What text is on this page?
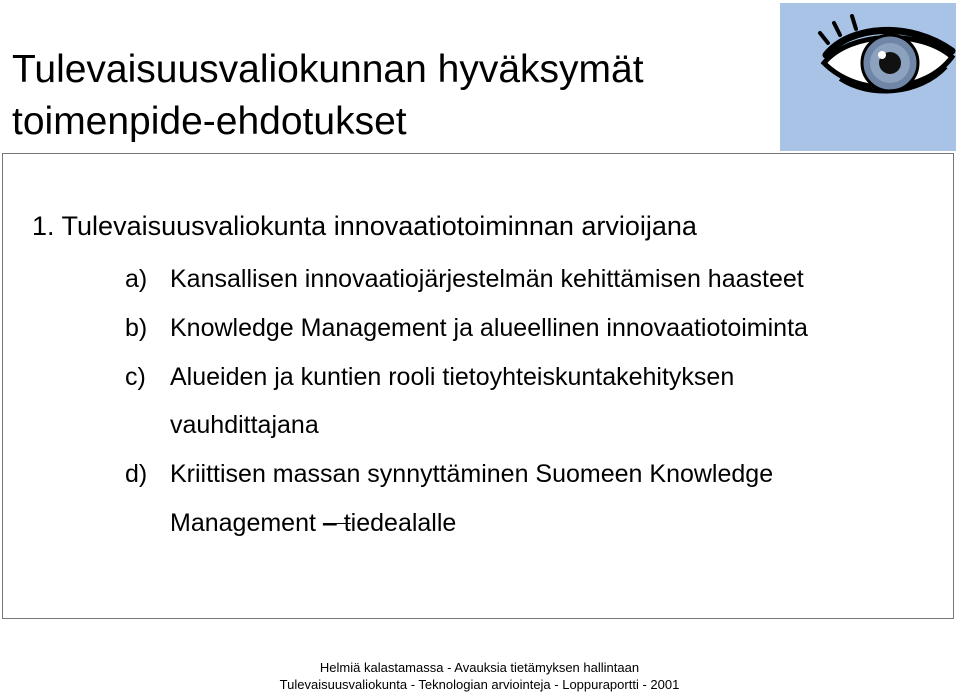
Tulevaisuusvaliokunnan hyväksymät
toimenpide-ehdotukset
1. Tulevaisuusvaliokunta innovaatiotoiminnan arvioijana
a) Kansallisen innovaatiojärjestelmän kehittämisen haasteet
b) Knowledge Management ja alueellinen innovaatiotoiminta
c) Alueiden ja kuntien rooli tietoyhteiskuntakehityksen
vauhdittajana
d) Kriittisen massan synnyttäminen Suomeen Knowledge
Management – tiedealalle
Helmiä kalastamassa - Avauksia tietämyksen hallintaan
Tulevaisuusvaliokunta - Teknologian arviointeja - Loppuraportti - 2001
